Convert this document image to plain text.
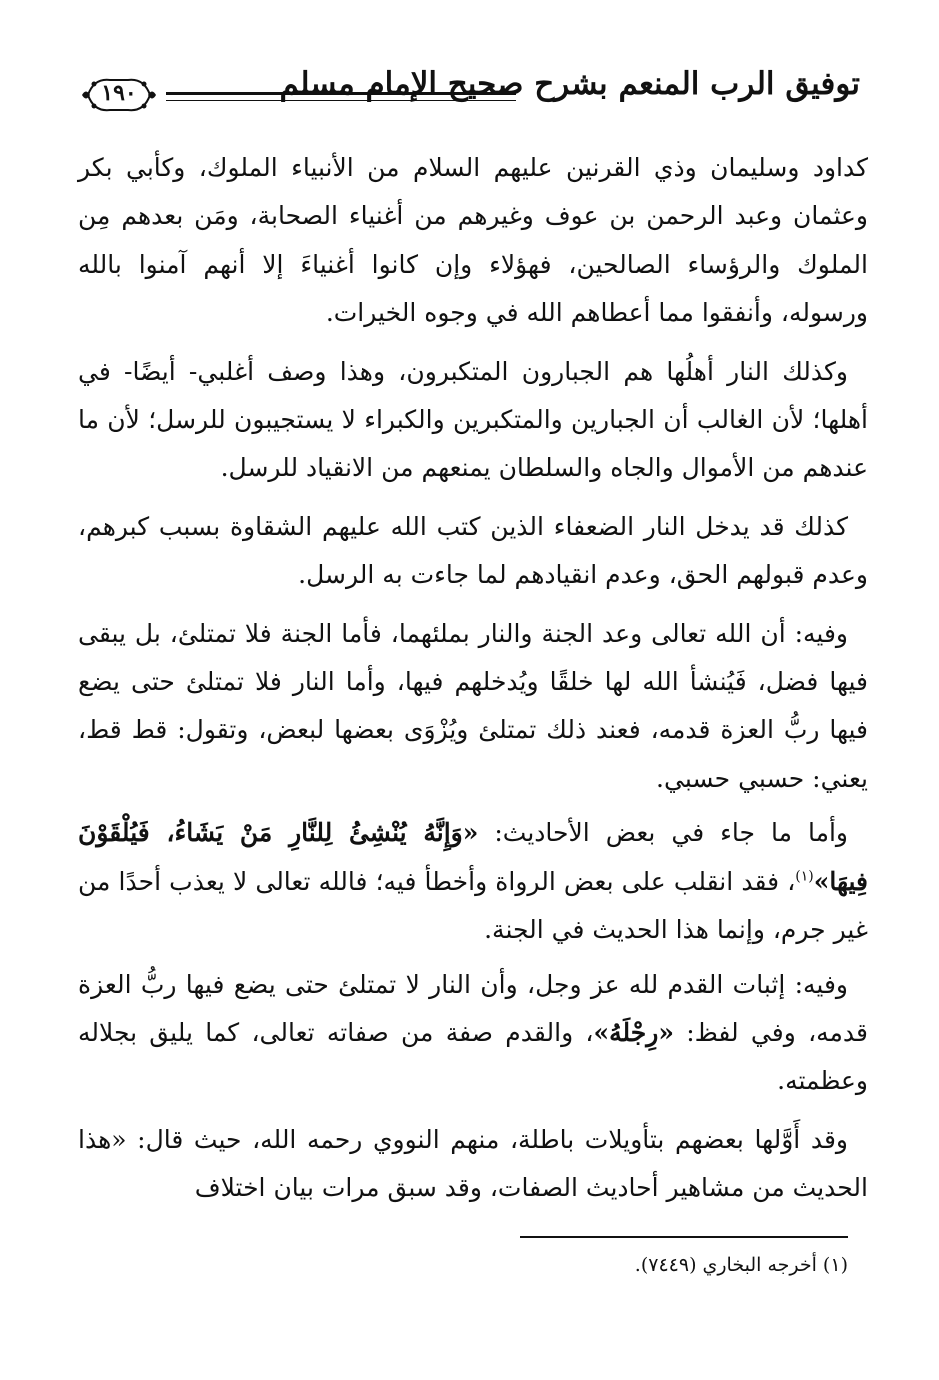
١٩٠	توفيق الرب المنعم بشرح صحيح الإمام مسلم

كداود وسليمان وذي القرنين عليهم السلام من الأنبياء الملوك، وكأبي بكر وعثمان وعبد الرحمن بن عوف وغيرهم من أغنياء الصحابة، ومَن بعدهم مِن الملوك والرؤساء الصالحين، فهؤلاء وإن كانوا أغنياءَ إلا أنهم آمنوا بالله ورسوله، وأنفقوا مما أعطاهم الله في وجوه الخيرات.

وكذلك النار أهلُها هم الجبارون المتكبرون، وهذا وصف أغلبي- أيضًا- في أهلها؛ لأن الغالب أن الجبارين والمتكبرين والكبراء لا يستجيبون للرسل؛ لأن ما عندهم من الأموال والجاه والسلطان يمنعهم من الانقياد للرسل.

كذلك قد يدخل النار الضعفاء الذين كتب الله عليهم الشقاوة بسبب كبرهم، وعدم قبولهم الحق، وعدم انقيادهم لما جاءت به الرسل.

وفيه: أن الله تعالى وعد الجنة والنار بملئهما، فأما الجنة فلا تمتلئ، بل يبقى فيها فضل، فَيُنشأ الله لها خلقًا ويُدخلهم فيها، وأما النار فلا تمتلئ حتى يضع فيها ربُّ العزة قدمه، فعند ذلك تمتلئ ويُزْوَى بعضها لبعض، وتقول: قط قط، يعني: حسبي حسبي.

وأما ما جاء في بعض الأحاديث: «وَإِنَّهُ يُنْشِئُ لِلنَّارِ مَنْ يَشَاءُ، فَيُلْقَوْنَ فِيهَا»$^{(١)}$، فقد انقلب على بعض الرواة وأخطأ فيه؛ فالله تعالى لا يعذب أحدًا من غير جرم، وإنما هذا الحديث في الجنة.

وفيه: إثبات القدم لله عز وجل، وأن النار لا تمتلئ حتى يضع فيها ربُّ العزة قدمه، وفي لفظ: «رِجْلَهُ»، والقدم صفة من صفاته تعالى، كما يليق بجلاله وعظمته.

وقد أَوَّلها بعضهم بتأويلات باطلة، منهم النووي رحمه الله، حيث قال: «هذا الحديث من مشاهير أحاديث الصفات، وقد سبق مرات بيان اختلاف

(١) أخرجه البخاري (٧٤٤٩).
